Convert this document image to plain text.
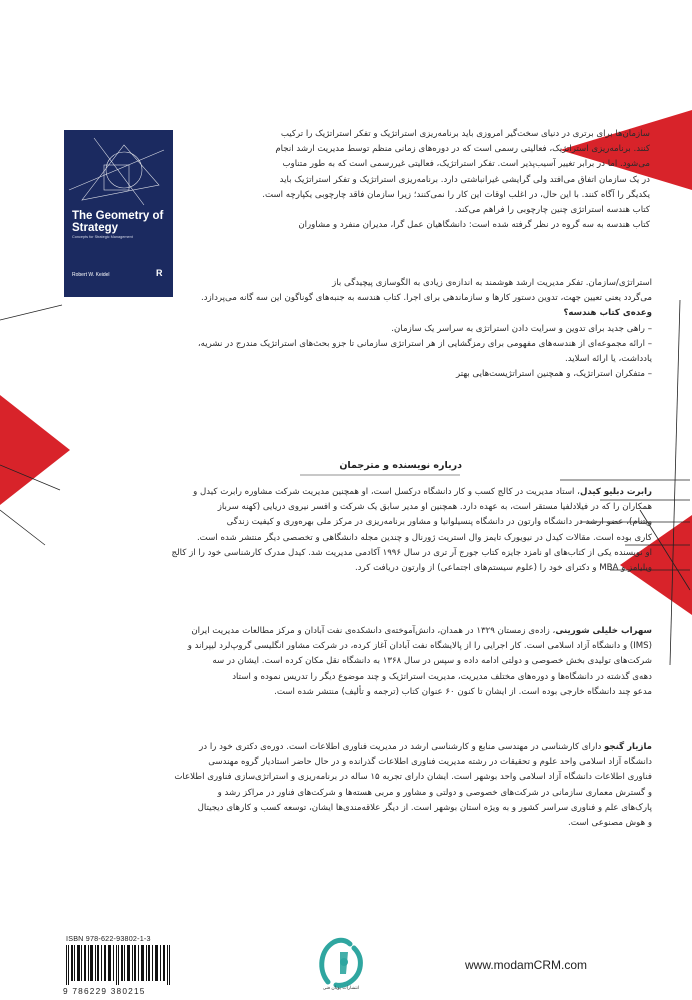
The Geometry of Strategy
Concepts for Strategic Management
Robert W. Keidel	R

سازمان‌ها برای برتری در دنیای سخت‌گیر امروزی باید برنامه‌ریزی استراتژیک و تفکر استراتژیک را ترکیب

کنند. برنامه‌ریزی استراتژیک، فعالیتی رسمی است که در دوره‌های زمانی منظم توسط مدیریت ارشد انجام

می‌شود. اما در برابر تغییر آسیب‌پذیر است. تفکر استراتژیک، فعالیتی غیررسمی است که به طور متناوب

در یک سازمان اتفاق می‌افتد ولی گرایشی غیرانباشتی دارد. برنامه‌ریزی استراتژیک و تفکر استراتژیک باید

یکدیگر را آگاه کنند. با این حال، در اغلب اوقات این کار را نمی‌کنند؛ زیرا سازمان فاقد چارچوبی یکپارچه است.

کتاب هندسه استراتژی چنین چارچوبی را فراهم می‌کند.

کتاب هندسه به سه گروه در نظر گرفته شده است: دانشگاهیان عمل گرا، مدیران منفرد و مشاوران

استراتژی/سازمان. تفکر مدیریت ارشد هوشمند به اندازه‌ی زیادی به الگوسازی پیچیدگی باز

می‌گردد یعنی تعیین جهت، تدوین دستور کارها و سازماندهی برای اجرا. کتاب هندسه به جنبه‌های گوناگون این سه گانه می‌پردازد.

وعده‌ی کتاب هندسه؟

– راهی جدید برای تدوین و سرایت دادن استراتژی به سراسر یک سازمان.

– ارائه مجموعه‌ای از هندسه‌های مفهومی برای رمزگشایی از هر استراتژی سازمانی تا جزو بحث‌های استراتژیک مندرج در نشریه،

یادداشت، یا ارائه اسلاید.

– متفکران استراتژیک، و همچنین استراتژیست‌هایی بهتر

درباره نویسنده و مترجمان

رابرت دبلیو کیدل، استاد مدیریت در کالج کسب و کار دانشگاه درکسل است، او همچنین مدیریت شرکت مشاوره رابرت کیدل و

همکاران را که در فیلادلفیا مستقر است، به عهده دارد. همچنین او مدیر سابق یک شرکت و افسر نیروی دریایی (کهنه سرباز

ویتنام)، عضو ارشد در دانشگاه وارتون در دانشگاه پنسیلوانیا و مشاور برنامه‌ریزی در مرکز ملی بهره‌وری و کیفیت زندگی

کاری بوده است. مقالات کیدل در نیویورک تایمز وال استریت ژورنال و چندین مجله دانشگاهی و تخصصی دیگر منتشر شده است.

او نویسنده یکی از کتاب‌های او نامزد جایزه کتاب جورج آر تری در سال ۱۹۹۶ آکادمی مدیریت شد. کیدل مدرک کارشناسی خود را از کالج

ویلیامز و MBA و دکترای خود را (علوم سیستم‌های اجتماعی) از وارتون دریافت کرد.

سهراب خلیلی شورینی، زاده‌ی زمستان ۱۳۲۹ در همدان، دانش‌آموخته‌ی دانشکده‌ی نفت آبادان و مرکز مطالعات مدیریت ایران

(IMS) و دانشگاه آزاد اسلامی است. کار اجرایی را از پالایشگاه نفت آبادان آغاز کرده، در شرکت مشاور انگلیسی گروپ‌لرد لیپراند و

شرکت‌های تولیدی بخش خصوصی و دولتی ادامه داده و سپس در سال ۱۳۶۸ به دانشگاه نقل مکان کرده است. ایشان در سه

دهه‌ی گذشته در دانشگاه‌ها و دوره‌های مختلف مدیریت، مدیریت استراتژیک و چند موضوع دیگر را تدریس نموده و استاد

مدعو چند دانشگاه خارجی بوده است. از ایشان تا کنون ۶۰ عنوان کتاب (ترجمه و تألیف) منتشر شده است.

مازیار گنجو دارای کارشناسی در مهندسی منابع و کارشناسی ارشد در مدیریت فناوری اطلاعات است. دوره‌ی دکتری خود را در

دانشگاه آزاد اسلامی واحد علوم و تحقیقات در رشته مدیریت فناوری اطلاعات گذرانده و در حال حاضر استادیار گروه مهندسی

فناوری اطلاعات دانشگاه آزاد اسلامی واحد بوشهر است. ایشان دارای تجربه ۱۵ ساله در برنامه‌ریزی و استراتژی‌سازی فناوری اطلاعات

و گسترش معماری سازمانی در شرکت‌های خصوصی و دولتی و مشاور و مربی هسته‌ها و شرکت‌های فناور در مراکز رشد و

پارک‌های علم و فناوری سراسر کشور و به ویژه استان بوشهر است. از دیگر علاقه‌مندی‌ها ایشان، توسعه کسب و کارهای دیجیتال

و هوش مصنوعی است.

ISBN 978-622-93802-1-3
9 786229 380215	انتشارات پویان فنی
www.modamCRM.com
